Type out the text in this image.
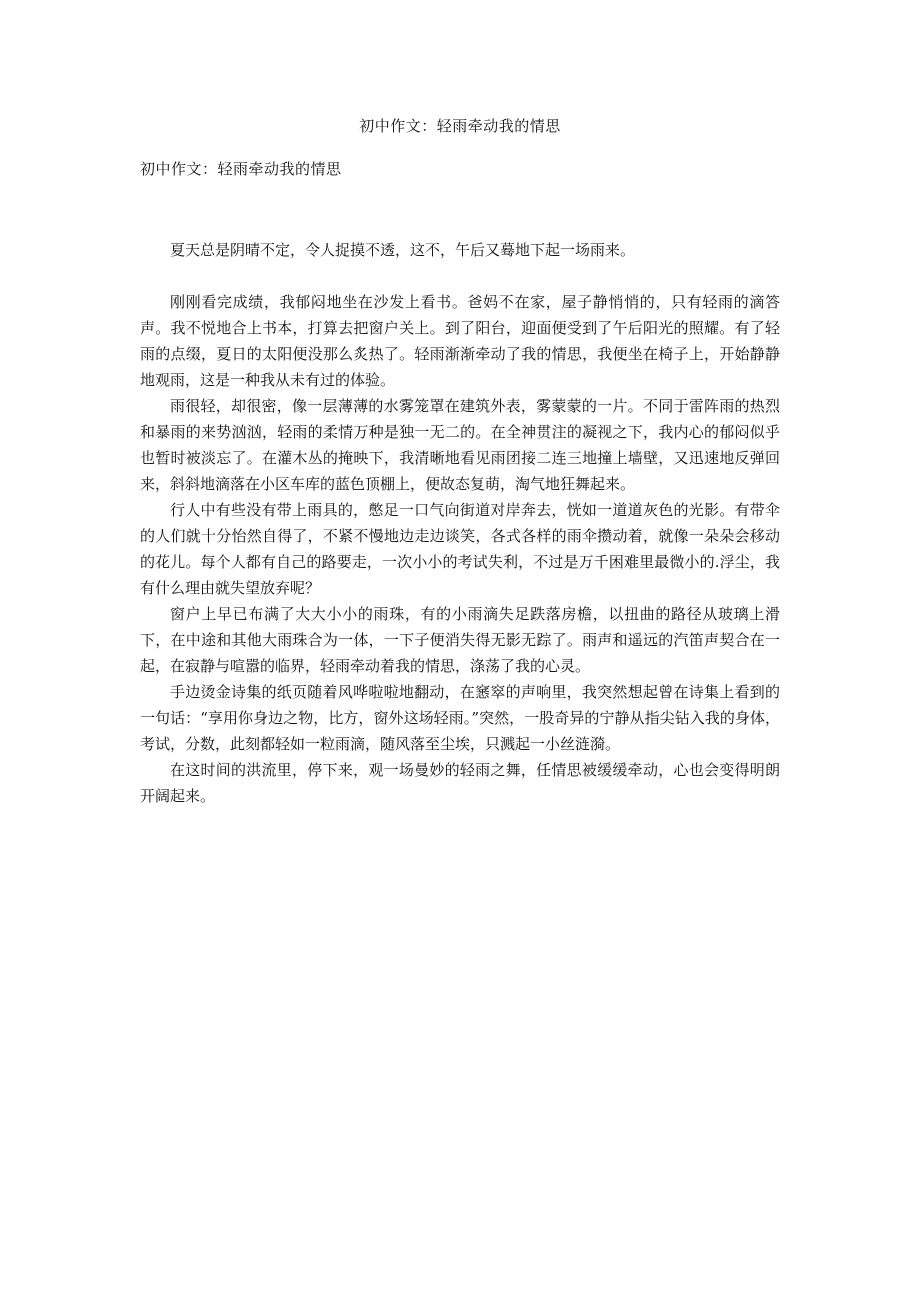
初中作文：轻雨牵动我的情思
初中作文：轻雨牵动我的情思

夏天总是阴晴不定，令人捉摸不透，这不，午后又蓦地下起一场雨来。

刚刚看完成绩，我郁闷地坐在沙发上看书。爸妈不在家，屋子静悄悄的，只有轻雨的滴答声。我不悦地合上书本，打算去把窗户关上。到了阳台，迎面便受到了午后阳光的照耀。有了轻雨的点缀，夏日的太阳便没那么炙热了。轻雨渐渐牵动了我的情思，我便坐在椅子上，开始静静地观雨，这是一种我从未有过的体验。

雨很轻，却很密，像一层薄薄的水雾笼罩在建筑外表，雾蒙蒙的一片。不同于雷阵雨的热烈和暴雨的来势汹汹，轻雨的柔情万种是独一无二的。在全神贯注的凝视之下，我内心的郁闷似乎也暂时被淡忘了。在灌木丛的掩映下，我清晰地看见雨团接二连三地撞上墙壁，又迅速地反弹回来，斜斜地滴落在小区车库的蓝色顶棚上，便故态复萌，淘气地狂舞起来。

行人中有些没有带上雨具的，憋足一口气向街道对岸奔去，恍如一道道灰色的光影。有带伞的人们就十分怡然自得了，不紧不慢地边走边谈笑，各式各样的雨伞攒动着，就像一朵朵会移动的花儿。每个人都有自己的路要走，一次小小的考试失利，不过是万千困难里最微小的.浮尘，我有什么理由就失望放弃呢？

窗户上早已布满了大大小小的雨珠，有的小雨滴失足跌落房檐，以扭曲的路径从玻璃上滑下，在中途和其他大雨珠合为一体，一下子便消失得无影无踪了。雨声和遥远的汽笛声契合在一起，在寂静与喧嚣的临界，轻雨牵动着我的情思，涤荡了我的心灵。

手边烫金诗集的纸页随着风哗啦啦地翻动，在窸窣的声响里，我突然想起曾在诗集上看到的一句话：“享用你身边之物，比方，窗外这场轻雨。”突然，一股奇异的宁静从指尖钻入我的身体，考试，分数，此刻都轻如一粒雨滴，随风落至尘埃，只溅起一小丝涟漪。

在这时间的洪流里，停下来，观一场曼妙的轻雨之舞，任情思被缓缓牵动，心也会变得明朗开阔起来。
